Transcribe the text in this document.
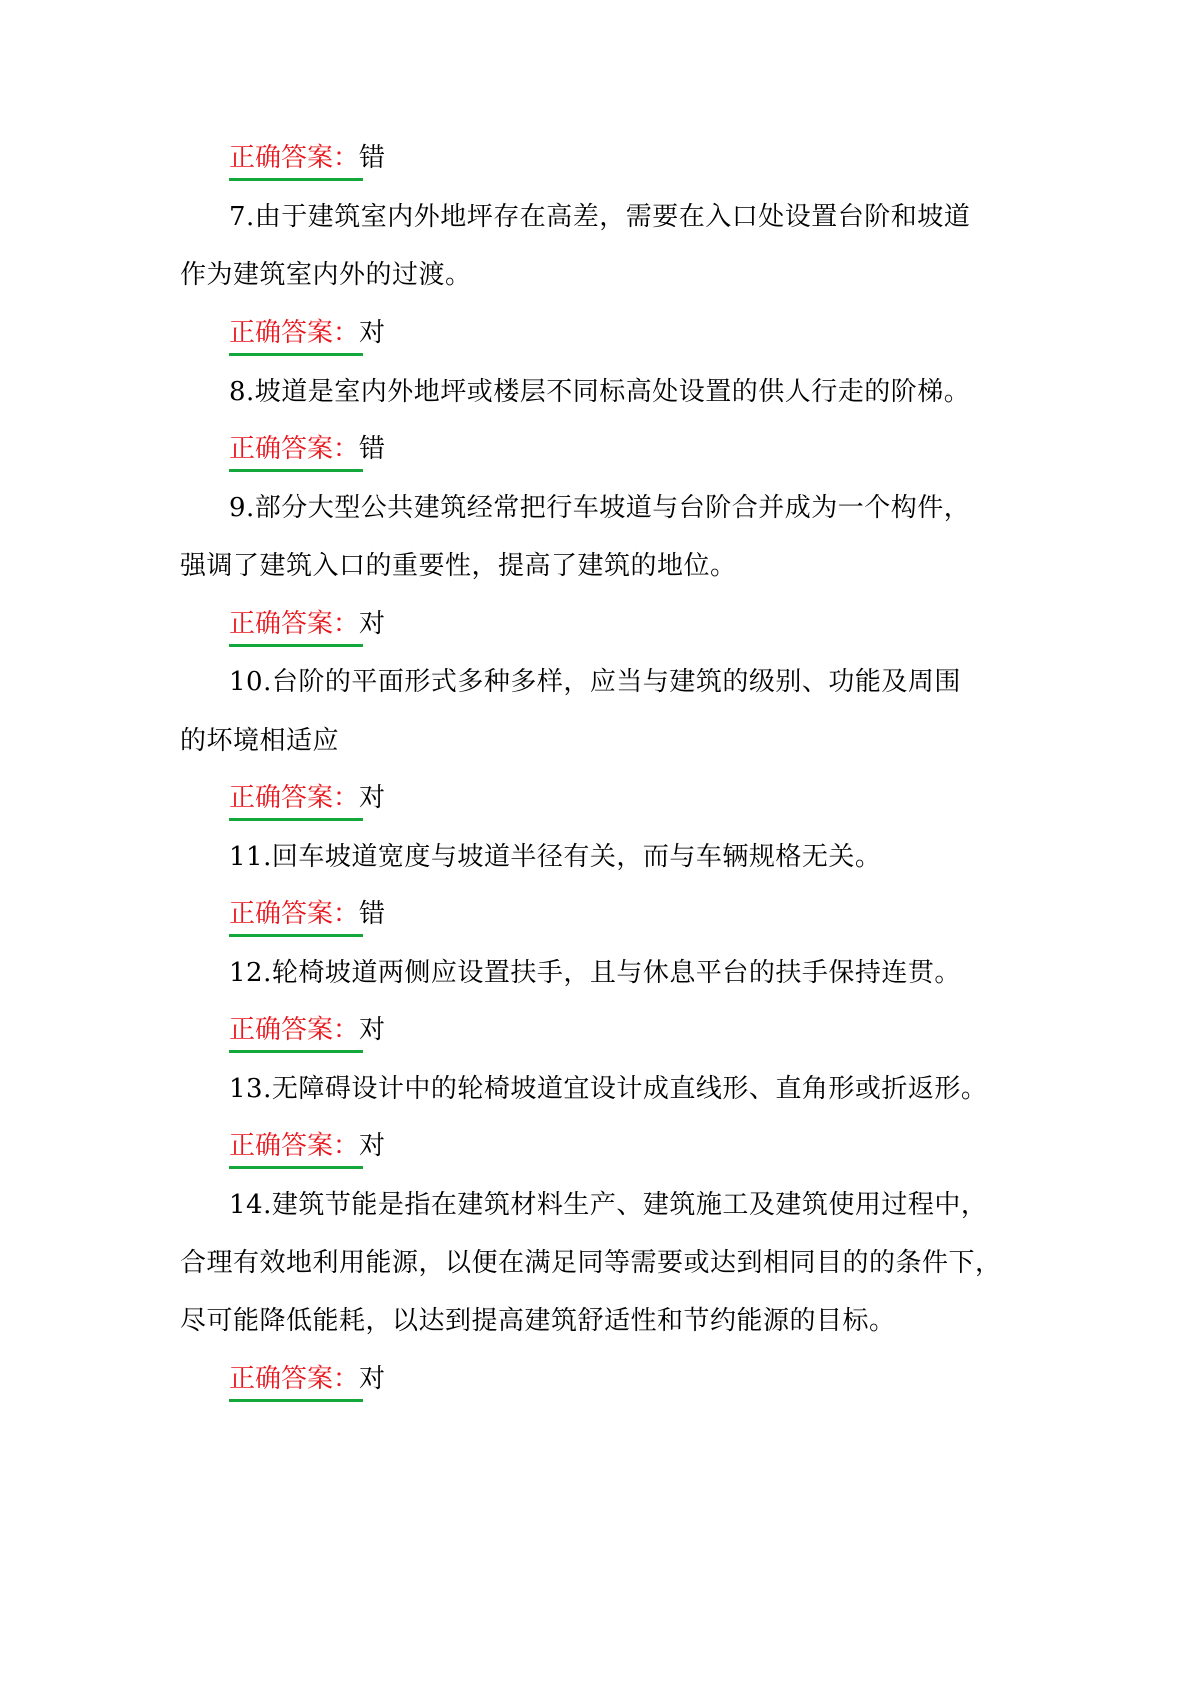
正确答案：错
7.由于建筑室内外地坪存在高差，需要在入口处设置台阶和坡道
作为建筑室内外的过渡。
正确答案：对
8.坡道是室内外地坪或楼层不同标高处设置的供人行走的阶梯。
正确答案：错
9.部分大型公共建筑经常把行车坡道与台阶合并成为一个构件，
强调了建筑入口的重要性，提高了建筑的地位。
正确答案：对
10.台阶的平面形式多种多样，应当与建筑的级别、功能及周围
的坏境相适应
正确答案：对
11.回车坡道宽度与坡道半径有关，而与车辆规格无关。
正确答案：错
12.轮椅坡道两侧应设置扶手，且与休息平台的扶手保持连贯。
正确答案：对
13.无障碍设计中的轮椅坡道宜设计成直线形、直角形或折返形。
正确答案：对
14.建筑节能是指在建筑材料生产、建筑施工及建筑使用过程中，
合理有效地利用能源，以便在满足同等需要或达到相同目的的条件下，
尽可能降低能耗，以达到提高建筑舒适性和节约能源的目标。
正确答案：对
